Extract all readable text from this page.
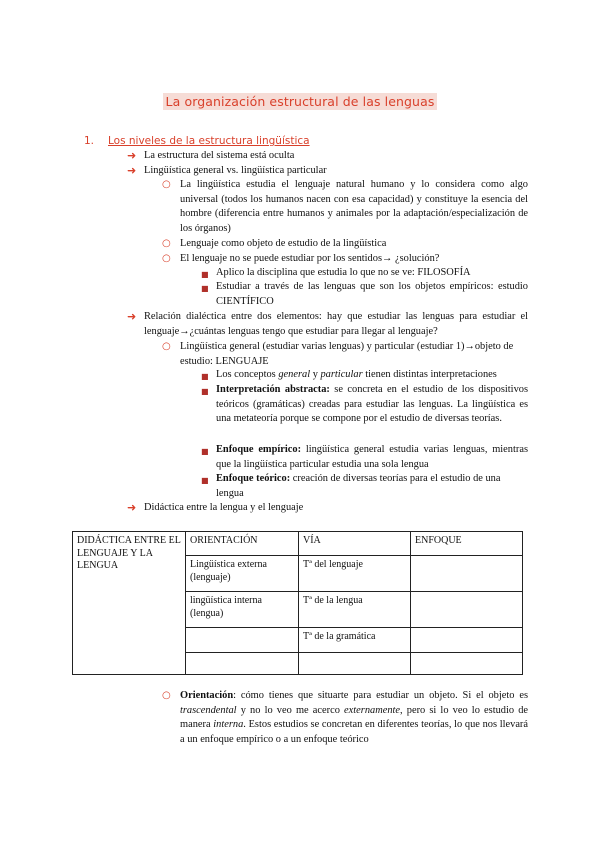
La organización estructural de las lenguas
1. Los niveles de la estructura lingüística
➜ La estructura del sistema está oculta
➜ Lingüística general vs. lingüística particular
○ La lingüística estudia el lenguaje natural humano y lo considera como algo universal (todos los humanos nacen con esa capacidad) y constituye la esencia del hombre (diferencia entre humanos y animales por la adaptación/especialización de los órganos)
○ Lenguaje como objeto de estudio de la lingüística
○ El lenguaje no se puede estudiar por los sentidos→ ¿solución?
■ Aplico la disciplina que estudia lo que no se ve: FILOSOFÍA
■ Estudiar a través de las lenguas que son los objetos empíricos: estudio CIENTÍFICO
➜ Relación dialéctica entre dos elementos: hay que estudiar las lenguas para estudiar el lenguaje→¿cuántas lenguas tengo que estudiar para llegar al lenguaje?
○ Lingüística general (estudiar varias lenguas) y particular (estudiar 1)→objeto de estudio: LENGUAJE
■ Los conceptos general y particular tienen distintas interpretaciones
■ Interpretación abstracta: se concreta en el estudio de los dispositivos teóricos (gramáticas) creadas para estudiar las lenguas. La lingüística es una metateoría porque se compone por el estudio de diversas teorías.
■ Enfoque empírico: lingüística general estudia varias lenguas, mientras que la lingüística particular estudia una sola lengua
■ Enfoque teórico: creación de diversas teorías para el estudio de una lengua
➜ Didáctica entre la lengua y el lenguaje
DIDÁCTICA ENTRE EL LENGUAJE Y LA LENGUA	ORIENTACIÓN	VÍA	ENFOQUE
	Lingüística externa (lenguaje)	Tª del lenguaje	
	lingüística interna (lengua)	Tª de la lengua	
		Tª de la gramática	

○ Orientación: cómo tienes que situarte para estudiar un objeto. Si el objeto es trascendental y no lo veo me acerco externamente, pero si lo veo lo estudio de manera interna. Estos estudios se concretan en diferentes teorías, lo que nos llevará a un enfoque empírico o a un enfoque teórico
